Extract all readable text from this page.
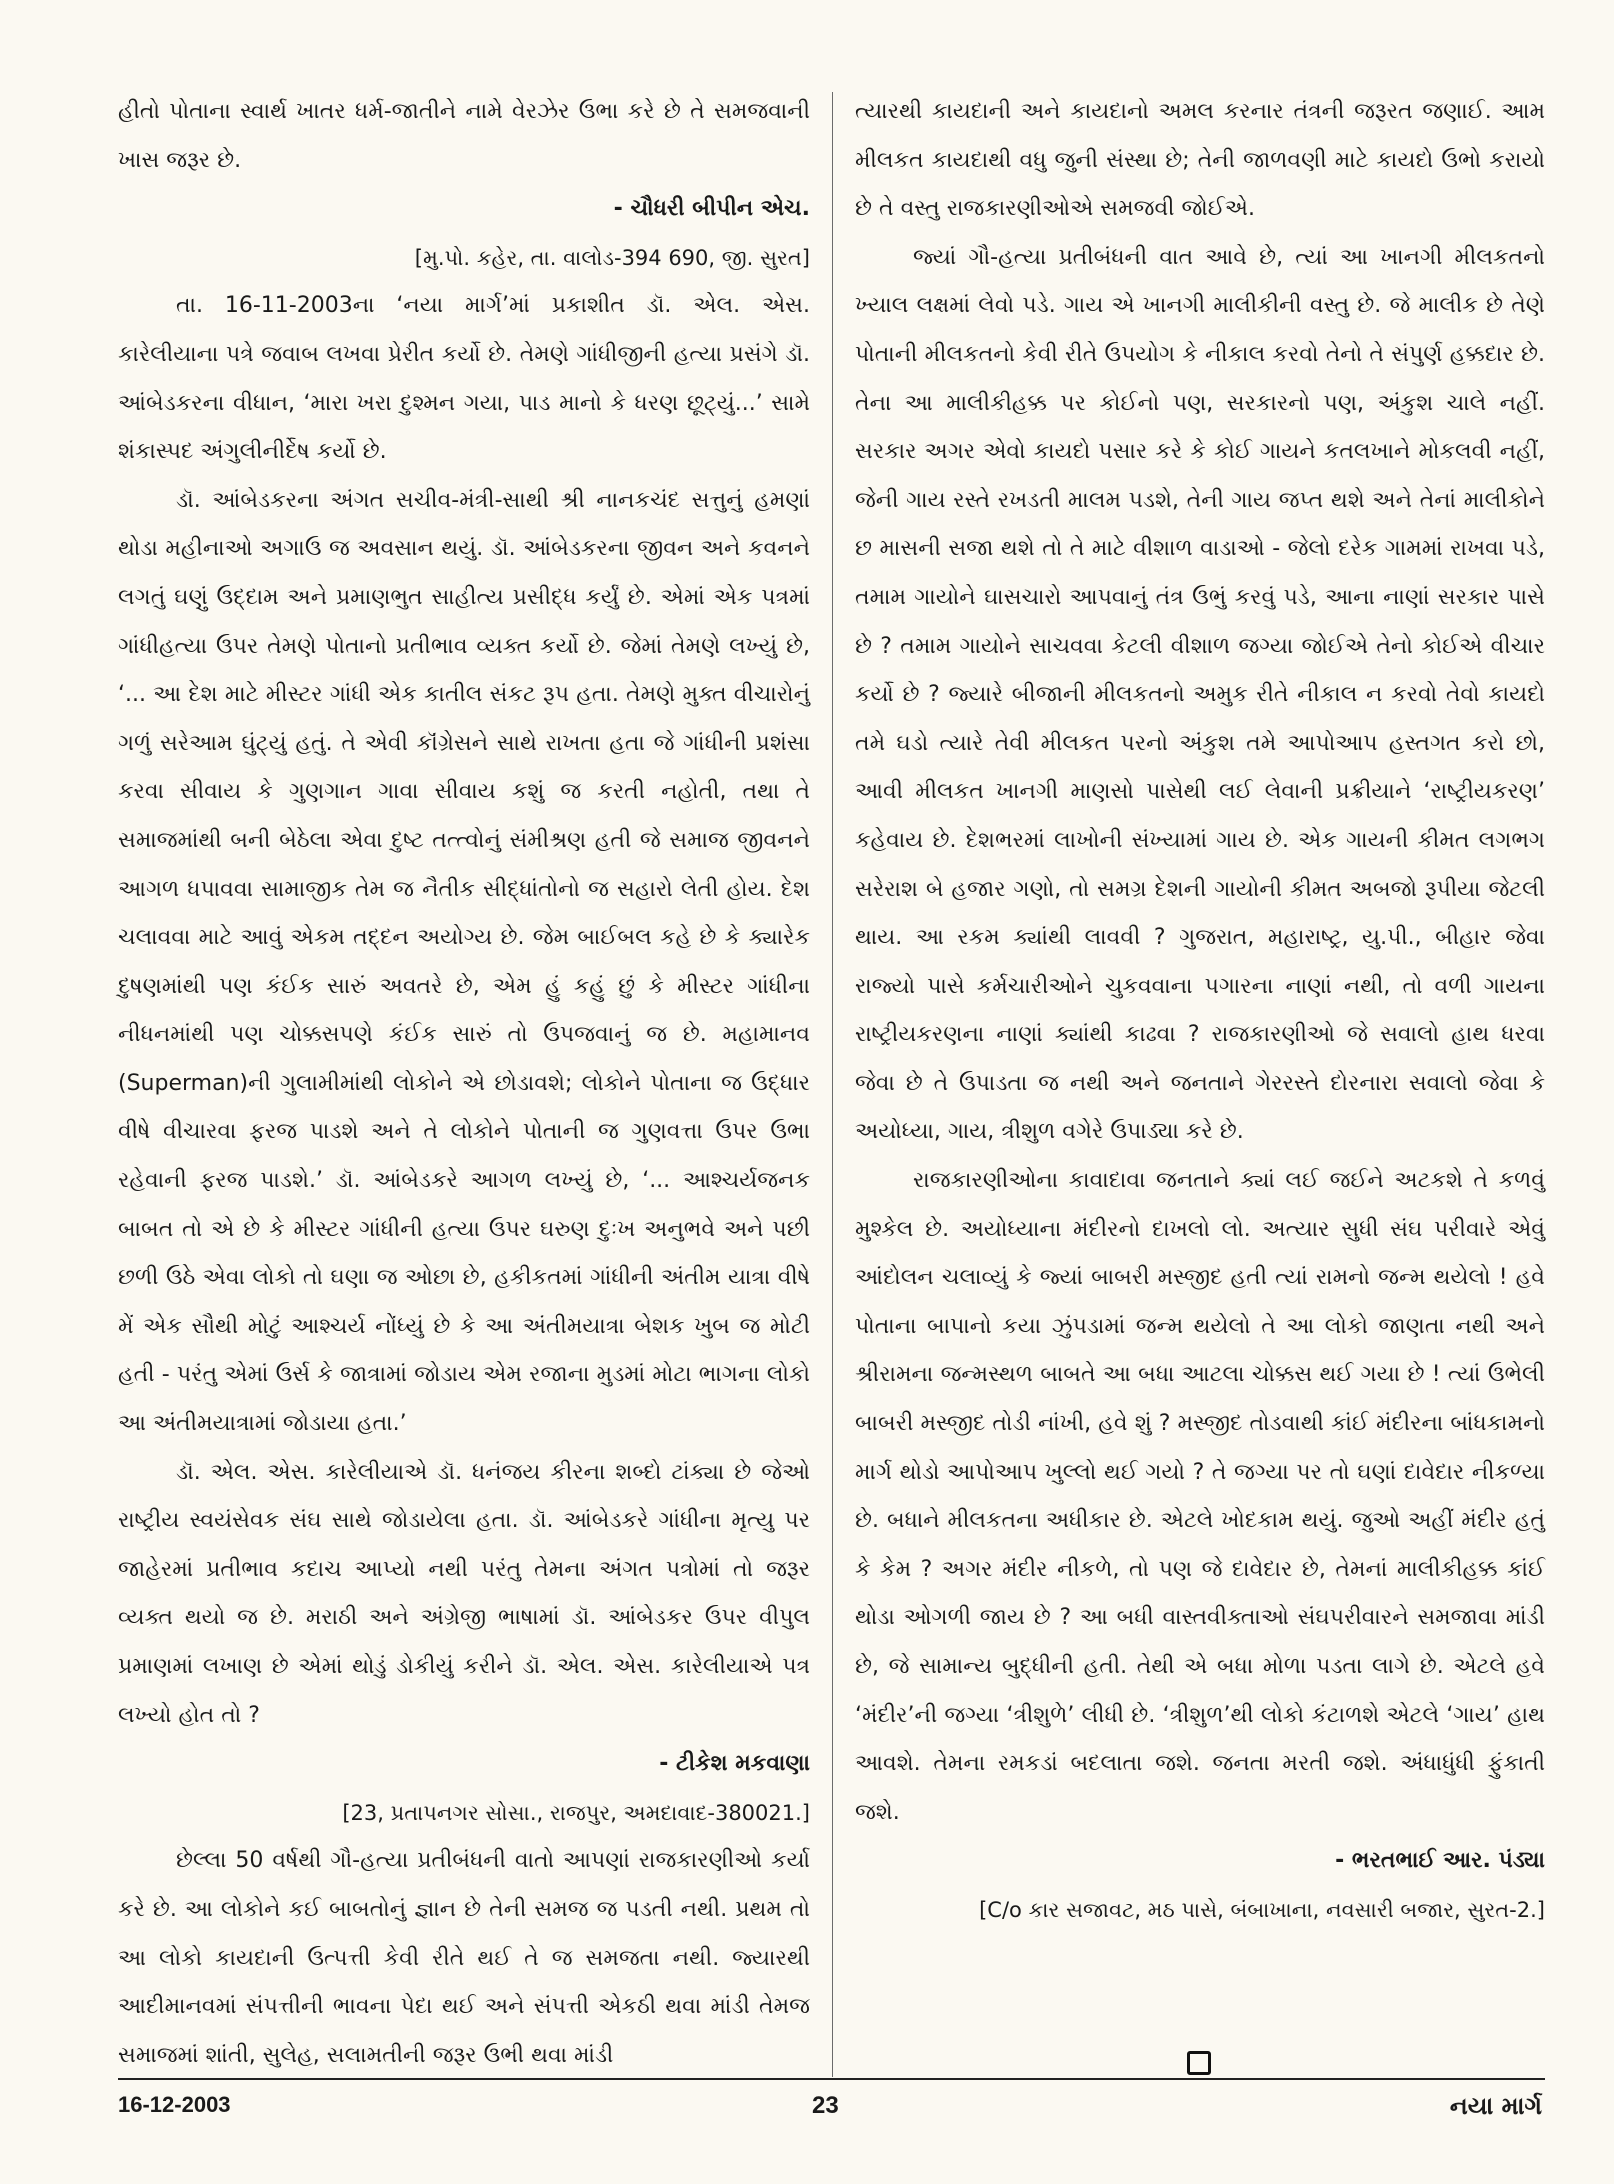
હીતો પોતાના સ્વાર્થ ખાતર ધર્મ-જાતીને નામે વેરઝેર ઉભા કરે છે તે સમજવાની ખાસ જરૂર છે.

- ચૌધરી બીપીન એચ.

[મુ.પો. કહેર, તા. વાલોડ-394 690, જી. સુરત]

તા. 16-11-2003ના ‘નયા માર્ગ’માં પ્રકાશીત ડૉ. એલ. એસ. કારેલીયાના પત્રે જવાબ લખવા પ્રેરીત કર્યો છે. તેમણે ગાંધીજીની હત્યા પ્રસંગે ડૉ. આંબેડકરના વીધાન, ‘મારા ખરા દુશ્મન ગયા, પાડ માનો કે ધરણ છૂટ્યું...’ સામે શંકાસ્પદ અંગુલીનીર્દેષ કર્યો છે.

ડૉ. આંબેડકરના અંગત સચીવ-મંત્રી-સાથી શ્રી નાનકચંદ સત્તુનું હમણાં થોડા મહીનાઓ અગાઉ જ અવસાન થયું. ડૉ. આંબેડકરના જીવન અને કવનને લગતું ઘણું ઉદ્દામ અને પ્રમાણભુત સાહીત્ય પ્રસીદ્ધ કર્યું છે. એમાં એક પત્રમાં ગાંધીહત્યા ઉપર તેમણે પોતાનો પ્રતીભાવ વ્યક્ત કર્યો છે. જેમાં તેમણે લખ્યું છે, ‘... આ દેશ માટે મીસ્ટર ગાંધી એક કાતીલ સંકટ રૂપ હતા. તેમણે મુક્ત વીચારોનું ગળું સરેઆમ ઘુંટ્યું હતું. તે એવી કૉંગ્રેસને સાથે રાખતા હતા જે ગાંધીની પ્રશંસા કરવા સીવાય કે ગુણગાન ગાવા સીવાય કશું જ કરતી નહોતી, તથા તે સમાજમાંથી બની બેઠેલા એવા દુષ્ટ તત્ત્વોનું સંમીશ્રણ હતી જે સમાજ જીવનને આગળ ધપાવવા સામાજીક તેમ જ નૈતીક સીદ્ધાંતોનો જ સહારો લેતી હોય. દેશ ચલાવવા માટે આવું એકમ તદ્દન અયોગ્ય છે. જેમ બાઈબલ કહે છે કે ક્યારેક દુષણમાંથી પણ કંઈક સારું અવતરે છે, એમ હું કહું છું કે મીસ્ટર ગાંધીના નીધનમાંથી પણ ચોક્કસપણે કંઈક સારું તો ઉપજવાનું જ છે. મહામાનવ (Superman)ની ગુલામીમાંથી લોકોને એ છોડાવશે; લોકોને પોતાના જ ઉદ્ધાર વીષે વીચારવા ફરજ પાડશે અને તે લોકોને પોતાની જ ગુણવત્તા ઉપર ઉભા રહેવાની ફરજ પાડશે.’ ડૉ. આંબેડકરે આગળ લખ્યું છે, ‘... આશ્ચર્યજનક બાબત તો એ છે કે મીસ્ટર ગાંધીની હત્યા ઉપર ઘરુણ દુઃખ અનુભવે અને પછી છળી ઉઠે એવા લોકો તો ઘણા જ ઓછા છે, હકીકતમાં ગાંધીની અંતીમ યાત્રા વીષે મેં એક સૌથી મોટું આશ્ચર્ય નોંધ્યું છે કે આ અંતીમયાત્રા બેશક ખુબ જ મોટી હતી - પરંતુ એમાં ઉર્સ કે જાત્રામાં જોડાય એમ રજાના મુડમાં મોટા ભાગના લોકો આ અંતીમયાત્રામાં જોડાયા હતા.’

ડૉ. એલ. એસ. કારેલીયાએ ડૉ. ધનંજય કીરના શબ્દો ટાંક્યા છે જેઓ રાષ્ટ્રીય સ્વયંસેવક સંઘ સાથે જોડાયેલા હતા. ડૉ. આંબેડકરે ગાંધીના મૃત્યુ પર જાહેરમાં પ્રતીભાવ કદાચ આપ્યો નથી પરંતુ તેમના અંગત પત્રોમાં તો જરૂર વ્યક્ત થયો જ છે. મરાઠી અને અંગ્રેજી ભાષામાં ડૉ. આંબેડકર ઉપર વીપુલ પ્રમાણમાં લખાણ છે એમાં થોડું ડોકીયું કરીને ડૉ. એલ. એસ. કારેલીયાએ પત્ર લખ્યો હોત તો ?

- ટીકેશ મકવાણા

[23, પ્રતાપનગર સોસા., રાજપુર, અમદાવાદ-380021.]

છેલ્લા 50 વર્ષથી ગૌ-હત્યા પ્રતીબંધની વાતો આપણાં રાજકારણીઓ કર્યા કરે છે. આ લોકોને કઈ બાબતોનું જ્ઞાન છે તેની સમજ જ પડતી નથી. પ્રથમ તો આ લોકો કાયદાની ઉત્પત્તી કેવી રીતે થઈ તે જ સમજતા નથી. જ્યારથી આદીમાનવમાં સંપત્તીની ભાવના પેદા થઈ અને સંપત્તી એકઠી થવા માંડી તેમજ સમાજમાં શાંતી, સુલેહ, સલામતીની જરૂર ઉભી થવા માંડી

ત્યારથી કાયદાની અને કાયદાનો અમલ કરનાર તંત્રની જરૂરત જણાઈ. આમ મીલકત કાયદાથી વધુ જુની સંસ્થા છે; તેની જાળવણી માટે કાયદો ઉભો કરાયો છે તે વસ્તુ રાજકારણીઓએ સમજવી જોઈએ.

જ્યાં ગૌ-હત્યા પ્રતીબંધની વાત આવે છે, ત્યાં આ ખાનગી મીલકતનો ખ્યાલ લક્ષમાં લેવો પડે. ગાય એ ખાનગી માલીકીની વસ્તુ છે. જે માલીક છે તેણે પોતાની મીલકતનો કેવી રીતે ઉપયોગ કે નીકાલ કરવો તેનો તે સંપુર્ણ હક્કદાર છે. તેના આ માલીકીહક્ક પર કોઈનો પણ, સરકારનો પણ, અંકુશ ચાલે નહીં. સરકાર અગર એવો કાયદો પસાર કરે કે કોઈ ગાયને કતલખાને મોકલવી નહીં, જેની ગાય રસ્તે રખડતી માલમ પડશે, તેની ગાય જપ્ત થશે અને તેનાં માલીકોને છ માસની સજા થશે તો તે માટે વીશાળ વાડાઓ - જેલો દરેક ગામમાં રાખવા પડે, તમામ ગાયોને ઘાસચારો આપવાનું તંત્ર ઉભું કરવું પડે, આના નાણાં સરકાર પાસે છે ? તમામ ગાયોને સાચવવા કેટલી વીશાળ જગ્યા જોઈએ તેનો કોઈએ વીચાર કર્યો છે ? જ્યારે બીજાની મીલકતનો અમુક રીતે નીકાલ ન કરવો તેવો કાયદો તમે ઘડો ત્યારે તેવી મીલકત પરનો અંકુશ તમે આપોઆપ હસ્તગત કરો છો, આવી મીલકત ખાનગી માણસો પાસેથી લઈ લેવાની પ્રક્રીયાને ‘રાષ્ટ્રીયકરણ’ કહેવાય છે. દેશભરમાં લાખોની સંખ્યામાં ગાય છે. એક ગાયની કીમત લગભગ સરેરાશ બે હજાર ગણો, તો સમગ્ર દેશની ગાયોની કીમત અબજો રૂપીયા જેટલી થાય. આ રકમ ક્યાંથી લાવવી ? ગુજરાત, મહારાષ્ટ્ર, યુ.પી., બીહાર જેવા રાજ્યો પાસે કર્મચારીઓને ચુકવવાના પગારના નાણાં નથી, તો વળી ગાયના રાષ્ટ્રીયકરણના નાણાં ક્યાંથી કાઢવા ? રાજકારણીઓ જે સવાલો હાથ ધરવા જેવા છે તે ઉપાડતા જ નથી અને જનતાને ગેરરસ્તે દોરનારા સવાલો જેવા કે અયોધ્યા, ગાય, ત્રીશુળ વગેરે ઉપાડ્યા કરે છે.

રાજકારણીઓના કાવાદાવા જનતાને ક્યાં લઈ જઈને અટકશે તે કળવું મુશ્કેલ છે. અયોધ્યાના મંદીરનો દાખલો લો. અત્યાર સુધી સંઘ પરીવારે એવું આંદોલન ચલાવ્યું કે જ્યાં બાબરી મસ્જીદ હતી ત્યાં રામનો જન્મ થયેલો ! હવે પોતાના બાપાનો કયા ઝુંપડામાં જન્મ થયેલો તે આ લોકો જાણતા નથી અને શ્રીરામના જન્મસ્થળ બાબતે આ બધા આટલા ચોક્કસ થઈ ગયા છે ! ત્યાં ઉભેલી બાબરી મસ્જીદ તોડી નાંખી, હવે શું ? મસ્જીદ તોડવાથી કાંઈ મંદીરના બાંધકામનો માર્ગ થોડો આપોઆપ ખુલ્લો થઈ ગયો ? તે જગ્યા પર તો ઘણાં દાવેદાર નીકળ્યા છે. બધાને મીલકતના અધીકાર છે. એટલે ખોદકામ થયું. જુઓ અહીં મંદીર હતું કે કેમ ? અગર મંદીર નીકળે, તો પણ જે દાવેદાર છે, તેમનાં માલીકીહક્ક કાંઈ થોડા ઓગળી જાય છે ? આ બધી વાસ્તવીક્તાઓ સંઘપરીવારને સમજાવા માંડી છે, જે સામાન્ય બુદ્ધીની હતી. તેથી એ બધા મોળા પડતા લાગે છે. એટલે હવે ‘મંદીર’ની જગ્યા ‘ત્રીશુળે’ લીધી છે. ‘ત્રીશુળ’થી લોકો કંટાળશે એટલે ‘ગાય’ હાથ આવશે. તેમના રમકડાં બદલાતા જશે. જનતા મરતી જશે. અંધાધુંધી ફુંકાતી જશે.

- ભરતભાઈ આર. પંડ્યા

[C/o કાર સજાવટ, મઠ પાસે, બંબાખાના, નવસારી બજાર, સુરત-2.]

16-12-2003	23	નયા માર્ગ
